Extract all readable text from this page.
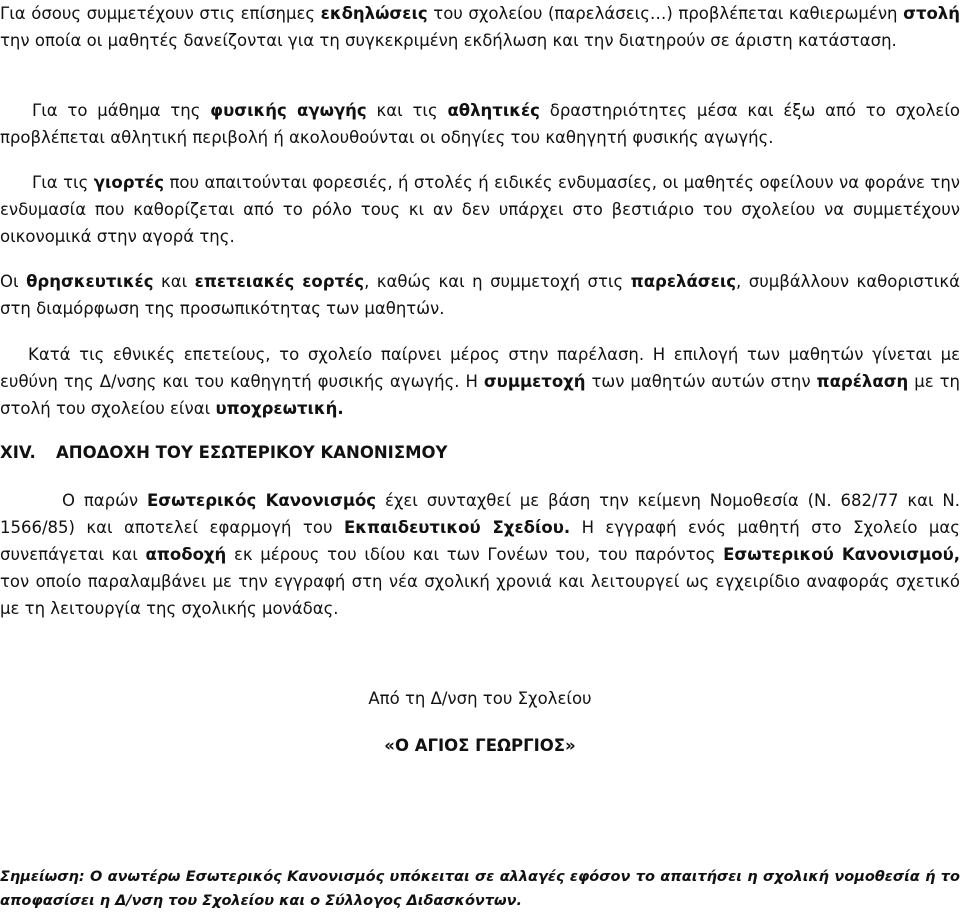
Για όσους συμμετέχουν στις επίσημες εκδηλώσεις του σχολείου (παρελάσεις…) προβλέπεται καθιερωμένη στολή την οποία οι μαθητές δανείζονται για τη συγκεκριμένη εκδήλωση και την διατηρούν σε άριστη κατάσταση.
Για το μάθημα της φυσικής αγωγής και τις αθλητικές δραστηριότητες μέσα και έξω από το σχολείο προβλέπεται αθλητική περιβολή ή ακολουθούνται οι οδηγίες του καθηγητή φυσικής αγωγής.
Για τις γιορτές που απαιτούνται φορεσιές, ή στολές ή ειδικές ενδυμασίες, οι μαθητές οφείλουν να φοράνε την ενδυμασία που καθορίζεται από το ρόλο τους κι αν δεν υπάρχει στο βεστιάριο του σχολείου να συμμετέχουν οικονομικά στην αγορά της.
Οι θρησκευτικές και επετειακές εορτές, καθώς και η συμμετοχή στις παρελάσεις, συμβάλλουν καθοριστικά στη διαμόρφωση της προσωπικότητας των μαθητών.
Κατά τις εθνικές επετείους, το σχολείο παίρνει μέρος στην παρέλαση. Η επιλογή των μαθητών γίνεται με ευθύνη της Δ/νσης και του καθηγητή φυσικής αγωγής. Η συμμετοχή των μαθητών αυτών στην παρέλαση με τη στολή του σχολείου είναι υποχρεωτική.
XIV. ΑΠΟΔΟΧΗ ΤΟΥ ΕΣΩΤΕΡΙΚΟΥ ΚΑΝΟΝΙΣΜΟΥ
Ο παρών Εσωτερικός Κανονισμός έχει συνταχθεί με βάση την κείμενη Νομοθεσία (Ν. 682/77 και Ν. 1566/85) και αποτελεί εφαρμογή του Εκπαιδευτικού Σχεδίου. Η εγγραφή ενός μαθητή στο Σχολείο μας συνεπάγεται και αποδοχή εκ μέρους του ιδίου και των Γονέων του, του παρόντος Εσωτερικού Κανονισμού, τον οποίο παραλαμβάνει με την εγγραφή στη νέα σχολική χρονιά και λειτουργεί ως εγχειρίδιο αναφοράς σχετικό με τη λειτουργία της σχολικής μονάδας.
Από τη Δ/νση του Σχολείου
«Ο ΑΓΙΟΣ ΓΕΩΡΓΙΟΣ»
Σημείωση: Ο ανωτέρω Εσωτερικός Κανονισμός υπόκειται σε αλλαγές εφόσον το απαιτήσει η σχολική νομοθεσία ή το αποφασίσει η Δ/νση του Σχολείου και ο Σύλλογος Διδασκόντων.
